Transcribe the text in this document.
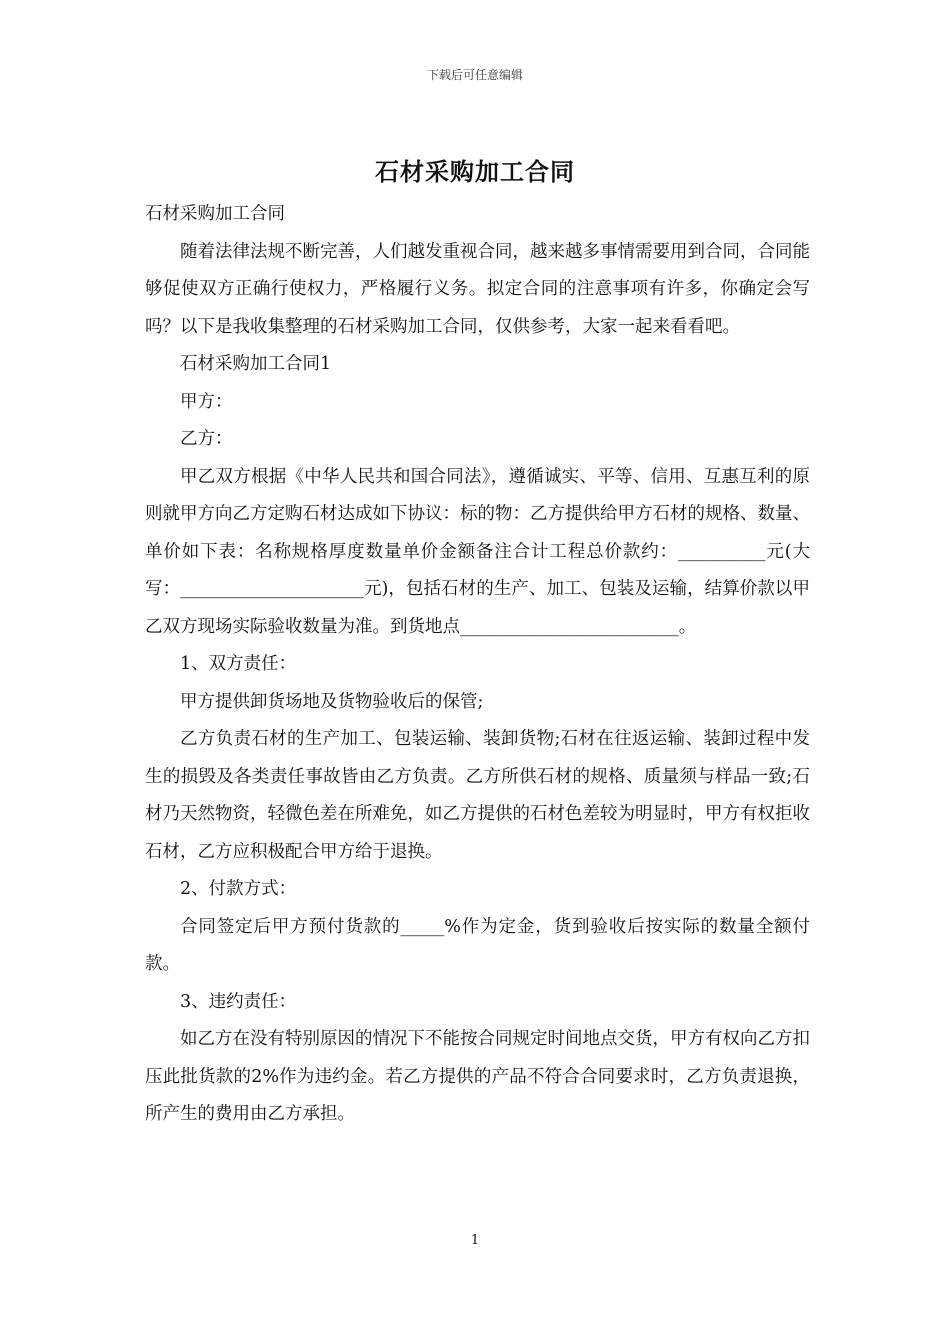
下载后可任意编辑
石材采购加工合同

石材采购加工合同

随着法律法规不断完善，人们越发重视合同，越来越多事情需要用到合同，合同能够促使双方正确行使权力，严格履行义务。拟定合同的注意事项有许多，你确定会写吗？以下是我收集整理的石材采购加工合同，仅供参考，大家一起来看看吧。

石材采购加工合同1

甲方：

乙方：

甲乙双方根据《中华人民共和国合同法》，遵循诚实、平等、信用、互惠互利的原则就甲方向乙方定购石材达成如下协议：标的物：乙方提供给甲方石材的规格、数量、单价如下表：名称规格厚度数量单价金额备注合计工程总价款约：__________元(大写：_____________________元)，包括石材的生产、加工、包装及运输，结算价款以甲乙双方现场实际验收数量为准。到货地点_________________________。

1、双方责任：

甲方提供卸货场地及货物验收后的保管;

乙方负责石材的生产加工、包装运输、装卸货物;石材在往返运输、装卸过程中发生的损毁及各类责任事故皆由乙方负责。乙方所供石材的规格、质量须与样品一致;石材乃天然物资，轻微色差在所难免，如乙方提供的石材色差较为明显时，甲方有权拒收石材，乙方应积极配合甲方给于退换。

2、付款方式：

合同签定后甲方预付货款的_____%作为定金，货到验收后按实际的数量全额付款。

3、违约责任：

如乙方在没有特别原因的情况下不能按合同规定时间地点交货，甲方有权向乙方扣压此批货款的2%作为违约金。若乙方提供的产品不符合合同要求时，乙方负责退换，所产生的费用由乙方承担。

1
